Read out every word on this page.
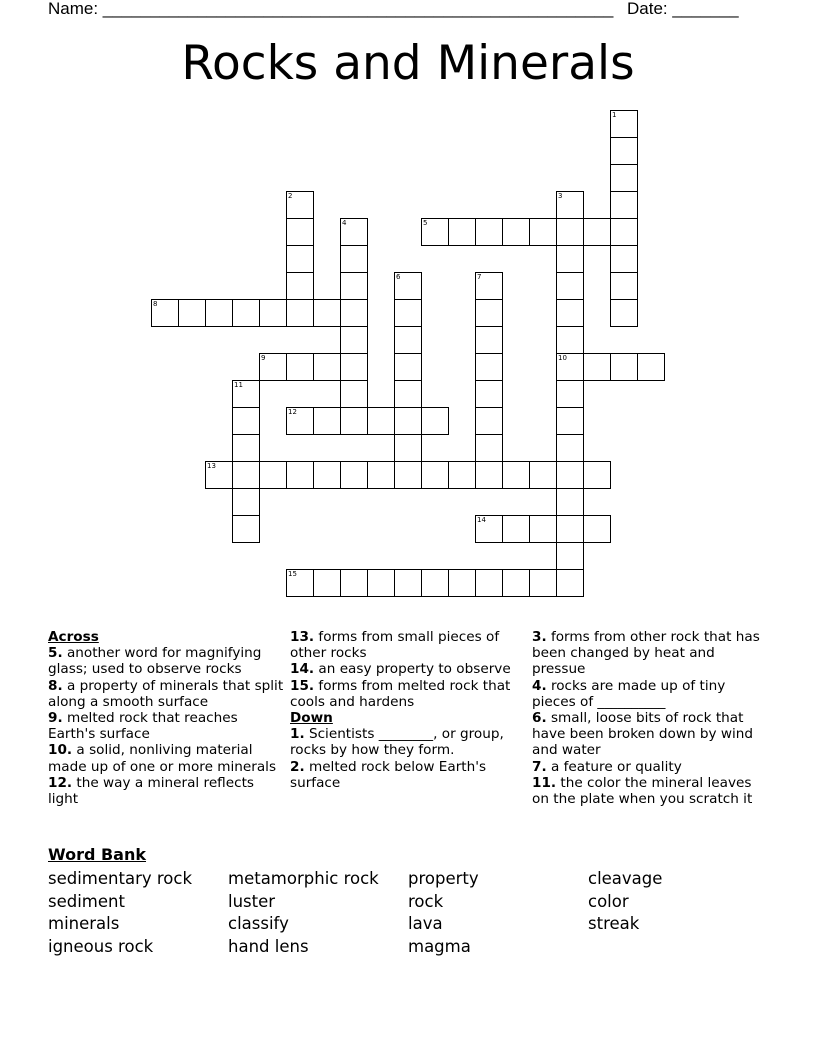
Name: ______________________________________________________

Date: _______

Rocks and Minerals
1
2	3
10
4	5
6	7
8
9
11
12
13
14
15
Across
5. another word for magnifying glass; used to observe rocks
8. a property of minerals that split along a smooth surface
9. melted rock that reaches Earth's surface
10. a solid, nonliving material made up of one or more minerals
12. the way a mineral reflects light
13. forms from small pieces of other rocks
14. an easy property to observe
15. forms from melted rock that cools and hardens
Down
1. Scientists ________, or group, rocks by how they form.
2. melted rock below Earth's surface
3. forms from other rock that has been changed by heat and pressue
4. rocks are made up of tiny pieces of __________
6. small, loose bits of rock that have been broken down by wind and water
7. a feature or quality
11. the color the mineral leaves on the plate when you scratch it
Word Bank
sedimentary rock
sediment
minerals
igneous rock
metamorphic rock
luster
classify
hand lens
property
rock
lava
magma
cleavage
color
streak
